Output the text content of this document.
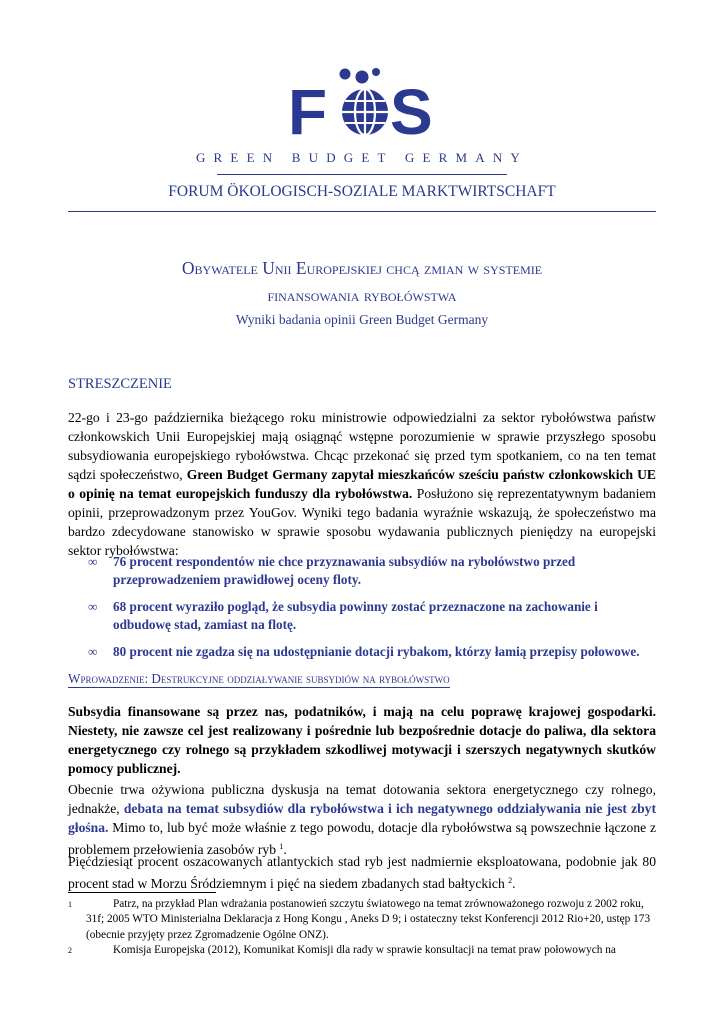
F S
FÖS
GREEN BUDGET GERMANY
FORUM ÖKOLOGISCH-SOZIALE MARKTWIRTSCHAFT
Obywatele Unii Europejskiej chcą zmian w systemie
finansowania rybołówstwa
Wyniki badania opinii Green Budget Germany
STRESZCZENIE

22-go i 23-go października bieżącego roku ministrowie odpowiedzialni za sektor rybołówstwa państw członkowskich Unii Europejskiej mają osiągnąć wstępne porozumienie w sprawie przyszłego sposobu subsydiowania europejskiego rybołówstwa. Chcąc przekonać się przed tym spotkaniem, co na ten temat sądzi społeczeństwo, Green Budget Germany zapytał mieszkańców sześciu państw członkowskich UE o opinię na temat europejskich funduszy dla rybołówstwa. Posłużono się reprezentatywnym badaniem opinii, przeprowadzonym przez YouGov. Wyniki tego badania wyraźnie wskazują, że społeczeństwo ma bardzo zdecydowane stanowisko w sprawie sposobu wydawania publicznych pieniędzy na europejski sektor rybołówstwa:

∞ 76 procent respondentów nie chce przyznawania subsydiów na rybołówstwo przed przeprowadzeniem prawidłowej oceny floty.
∞ 68 procent wyraziło pogląd, że subsydia powinny zostać przeznaczone na zachowanie i odbudowę stad, zamiast na flotę.
∞ 80 procent nie zgadza się na udostępnianie dotacji rybakom, którzy łamią przepisy połowowe.
Wprowadzenie: Destrukcyjne oddziaływanie subsydiów na rybołówstwo

Subsydia finansowane są przez nas, podatników, i mają na celu poprawę krajowej gospodarki. Niestety, nie zawsze cel jest realizowany i pośrednie lub bezpośrednie dotacje do paliwa, dla sektora energetycznego czy rolnego są przykładem szkodliwej motywacji i szerszych negatywnych skutków pomocy publicznej.

Obecnie trwa ożywiona publiczna dyskusja na temat dotowania sektora energetycznego czy rolnego, jednakże, debata na temat subsydiów dla rybołówstwa i ich negatywnego oddziaływania nie jest zbyt głośna. Mimo to, lub być może właśnie z tego powodu, dotacje dla rybołówstwa są powszechnie łączone z problemem przełowienia zasobów ryb $^1$.

Pięćdziesiąt procent oszacowanych atlantyckich stad ryb jest nadmiernie eksploatowana, podobnie jak 80 procent stad w Morzu Śródziemnym i pięć na siedem zbadanych stad bałtyckich $^2$.

1	Patrz, na przykład Plan wdrażania postanowień szczytu światowego na temat zrównoważonego rozwoju z 2002 roku, 31f; 2005 WTO Ministerialna Deklaracja z Hong Kongu , Aneks D 9; i ostateczny tekst Konferencji 2012 Rio+20, ustęp 173 (obecnie przyjęty przez Zgromadzenie Ogólne ONZ).
2	Komisja Europejska (2012), Komunikat Komisji dla rady w sprawie konsultacji na temat praw połowowych na
